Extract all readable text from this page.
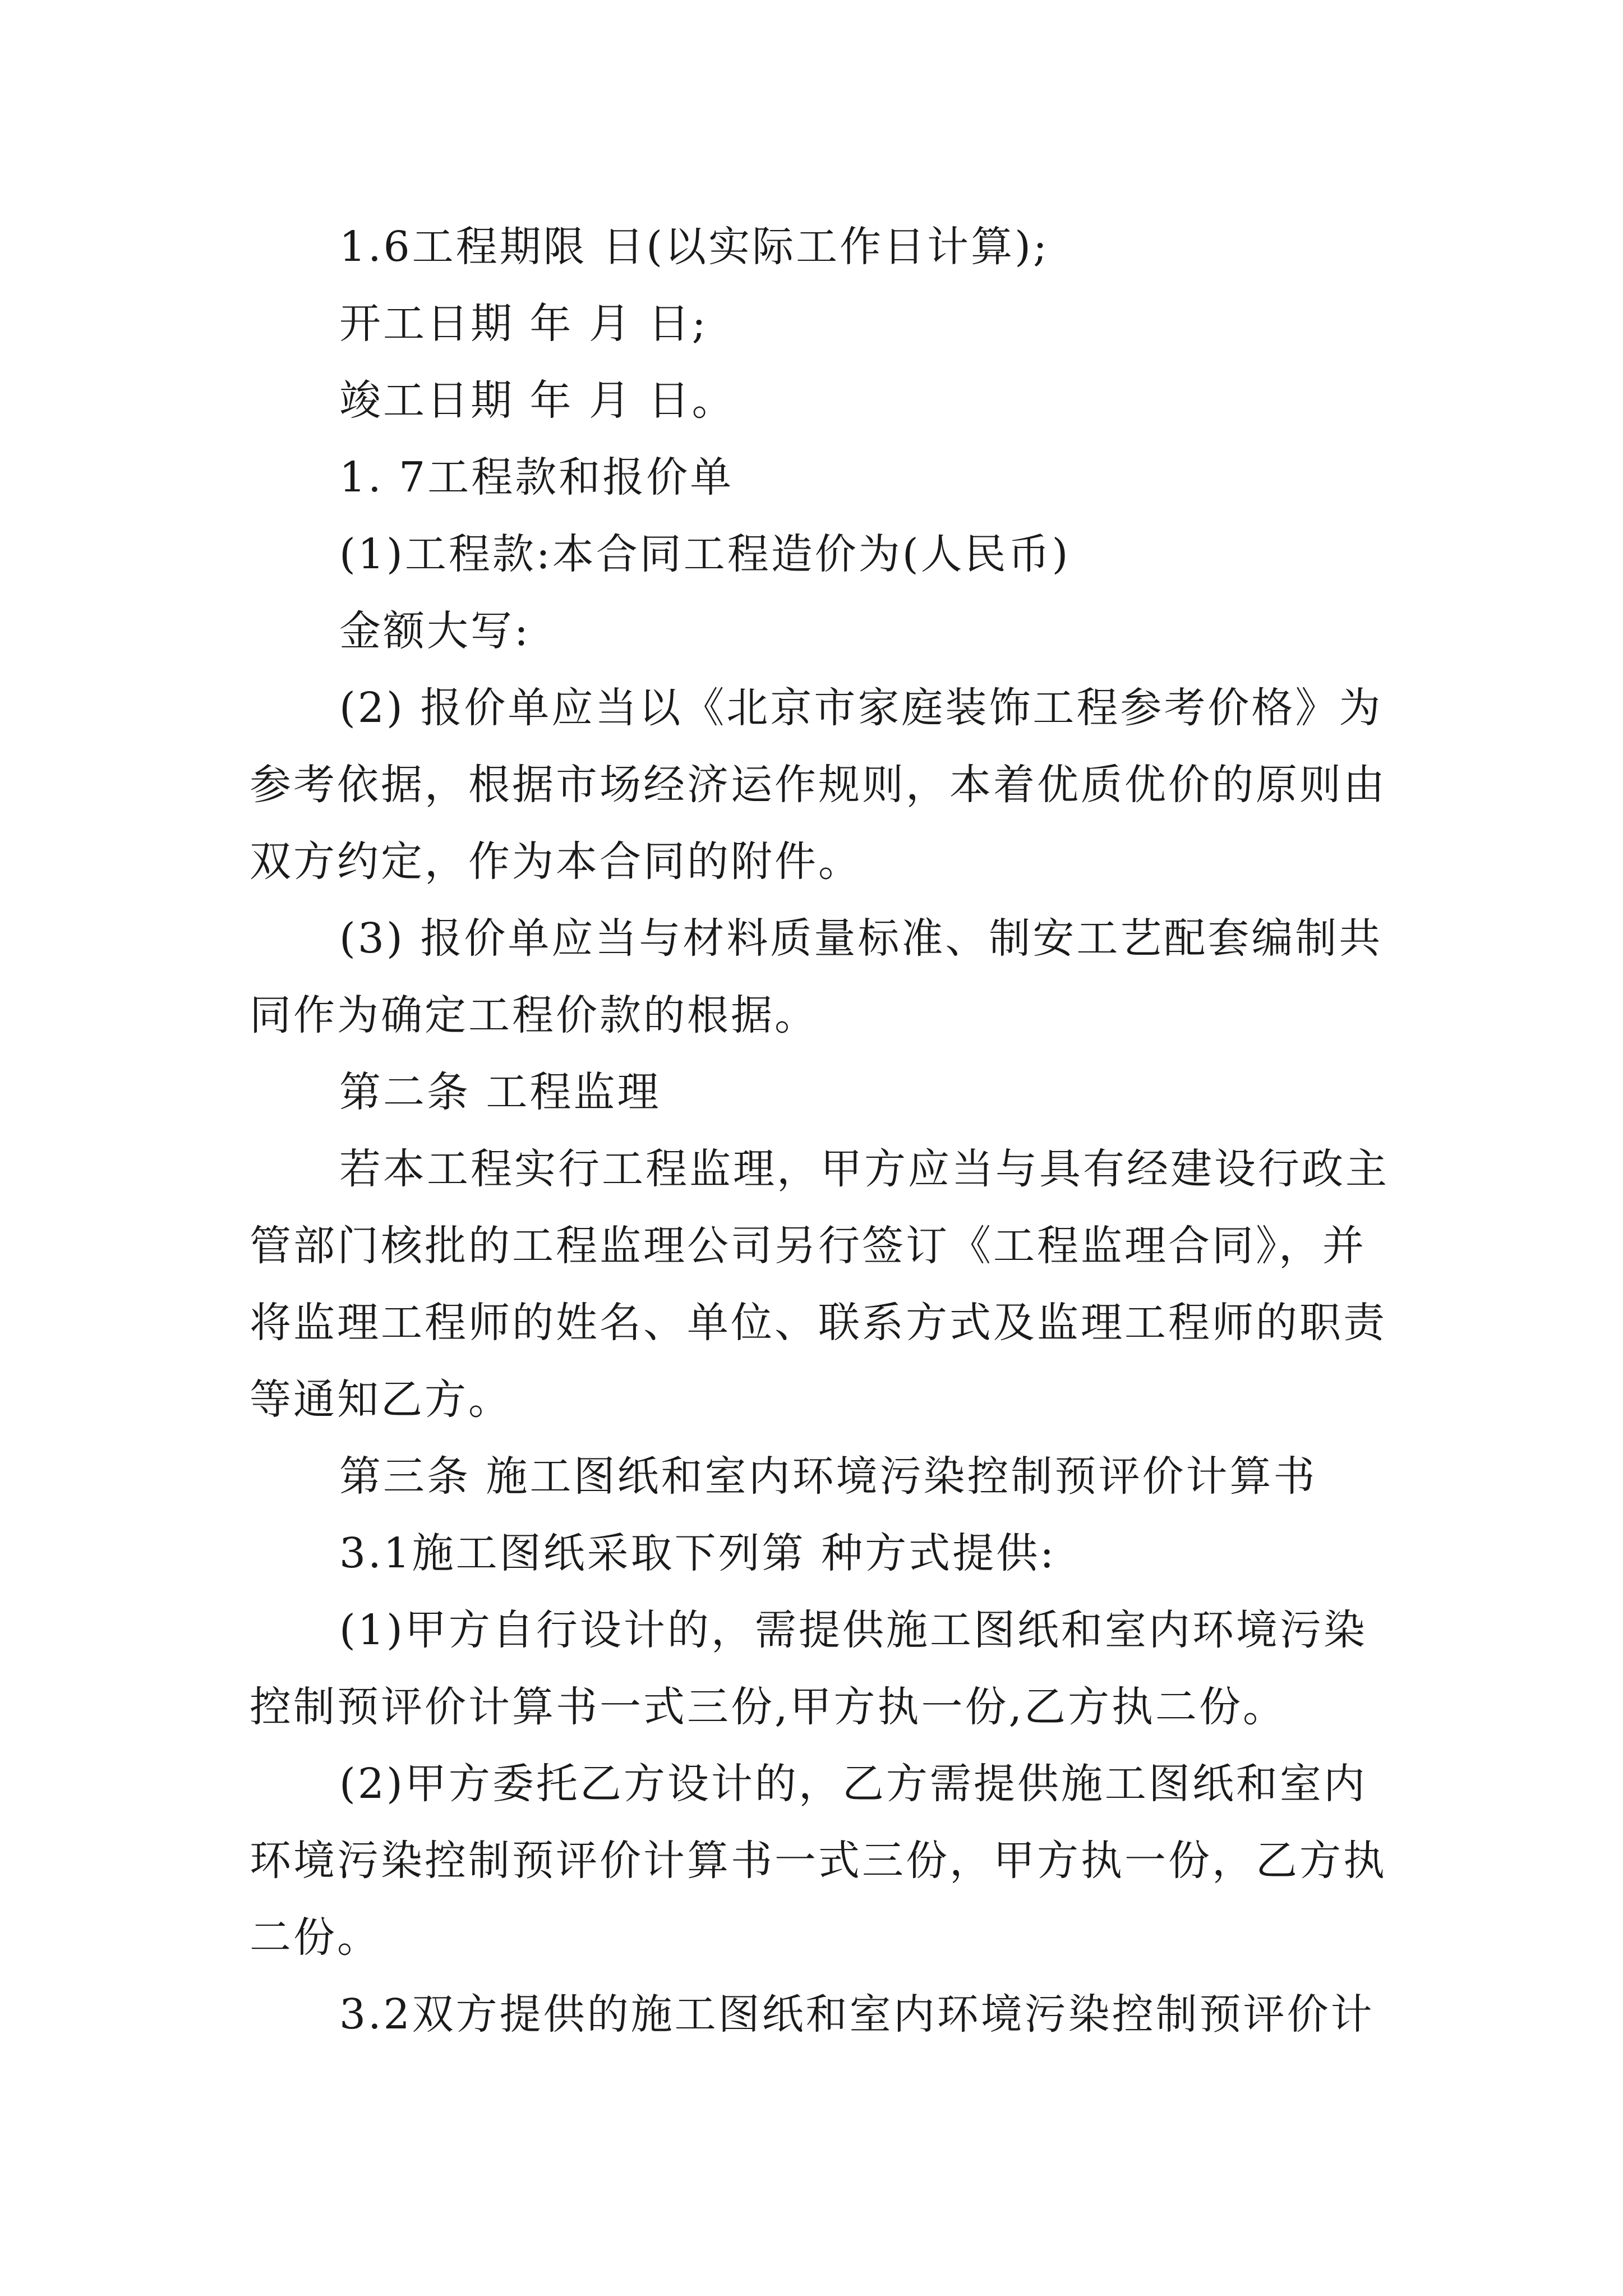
1.6工程期限 日(以实际工作日计算);
开工日期 年 月 日;
竣工日期 年 月 日。
1. 7工程款和报价单
(1)工程款:本合同工程造价为(人民币)
金额大写:
(2) 报价单应当以《北京市家庭装饰工程参考价格》为
参考依据，根据市场经济运作规则，本着优质优价的原则由
双方约定，作为本合同的附件。
(3) 报价单应当与材料质量标准、制安工艺配套编制共
同作为确定工程价款的根据。
第二条 工程监理
若本工程实行工程监理，甲方应当与具有经建设行政主
管部门核批的工程监理公司另行签订《工程监理合同》，并
将监理工程师的姓名、单位、联系方式及监理工程师的职责
等通知乙方。
第三条 施工图纸和室内环境污染控制预评价计算书
3.1施工图纸采取下列第 种方式提供:
(1)甲方自行设计的，需提供施工图纸和室内环境污染
控制预评价计算书一式三份,甲方执一份,乙方执二份。
(2)甲方委托乙方设计的，乙方需提供施工图纸和室内
环境污染控制预评价计算书一式三份，甲方执一份，乙方执
二份。
3.2双方提供的施工图纸和室内环境污染控制预评价计
